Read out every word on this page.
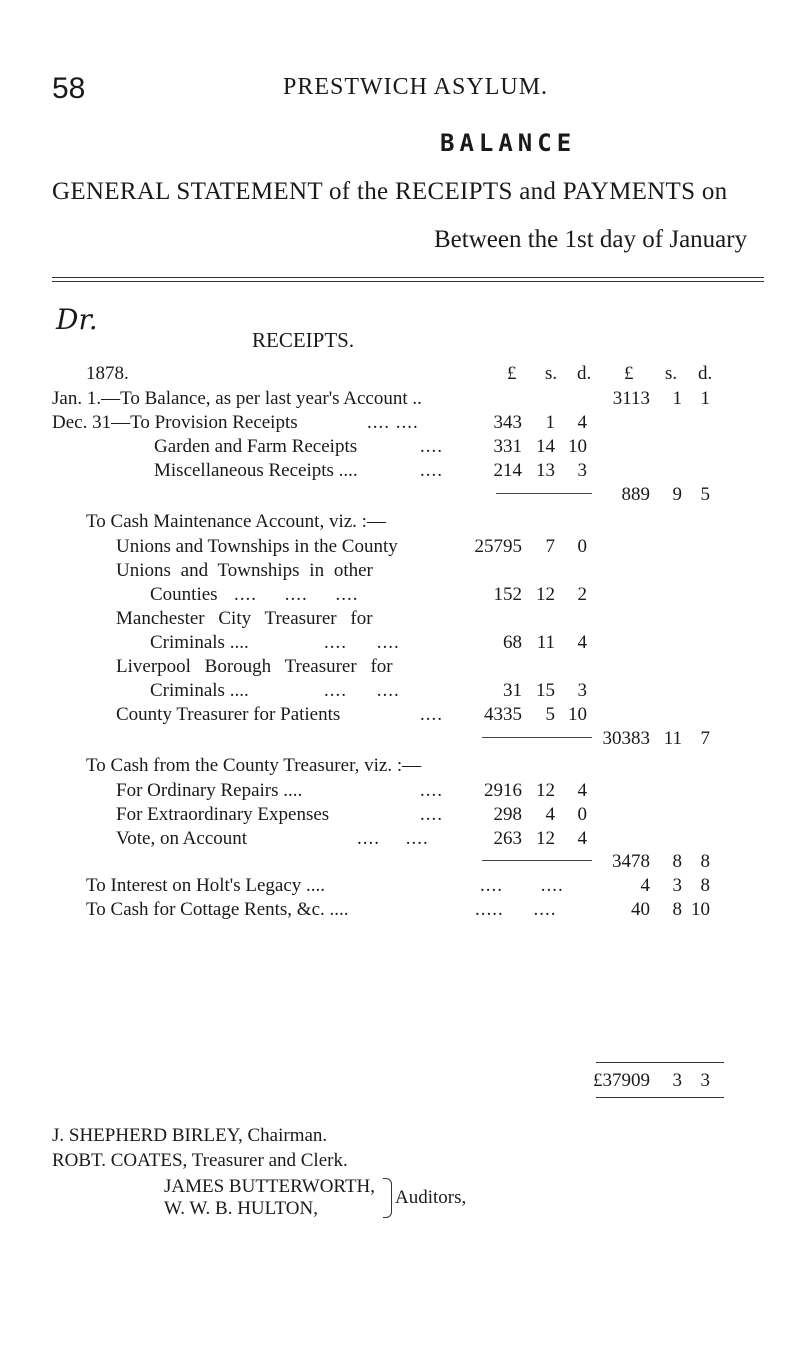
58	PRESTWICH ASYLUM.
BALANCE
GENERAL STATEMENT of the RECEIPTS and PAYMENTS on
Between the 1st day of January
Dr.
RECEIPTS.
1878.	£ s. d. £ s. d.
Jan. 1.—To Balance, as per last year's Account ..	3113	1 1
Dec. 31—To Provision Receipts	.... ....	343	1	4
Garden and Farm Receipts	....	331 14 10
Miscellaneous Receipts ....	....	214 13	3
889	9 5
To Cash Maintenance Account, viz. :—
Unions and Townships in the County	25795	7	0
Unions and Townships in other
Counties .... .... ....	152 12	2
Manchester City Treasurer for
Criminals ....	.... ....	68 11	4
Liverpool Borough Treasurer for
Criminals ....	.... ....	31 15	3
County Treasurer for Patients	....	4335	5 10
30383 11 7
To Cash from the County Treasurer, viz. :—
For Ordinary Repairs ....	....	2916 12	4
For Extraordinary Expenses	....	298	4	0
Vote, on Account	.... ....	263 12	4
3478	8 8
To Interest on Holt's Legacy ....	.... ....	4	3 8
To Cash for Cottage Rents, &c. ....	..... ....	40	8 10
£37909	3 3
J. SHEPHERD BIRLEY, Chairman.
ROBT. COATES, Treasurer and Clerk.
JAMES BUTTERWORTH,
W. W. B. HULTON,
Auditors,
